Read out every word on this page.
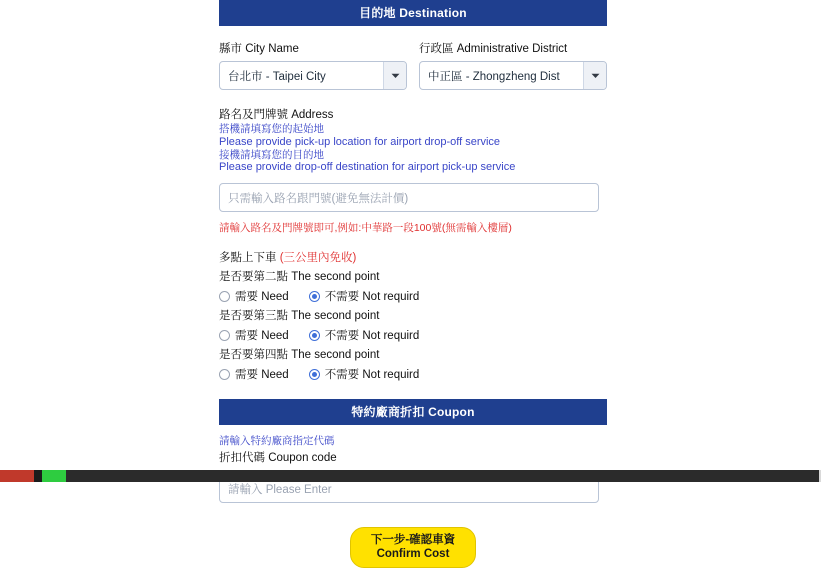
目的地 Destination
縣市 City Name
台北市 - Taipei City
行政區 Administrative District
中正區 - Zhongzheng Dist
路名及門牌號 Address
搭機請填寫您的起始地
Please provide pick-up location for airport drop-off service
接機請填寫您的目的地
Please provide drop-off destination for airport pick-up service
只需輸入路名跟門號(避免無法計價)
請輸入路名及門牌號即可,例如:中華路一段100號(無需輸入樓層)
多點上下車 (三公里內免收)
是否要第二點 The second point
需要 Need	不需要 Not requird
是否要第三點 The second point
需要 Need	不需要 Not requird
是否要第四點 The second point
需要 Need	不需要 Not requird
特約廠商折扣 Coupon
請輸入特約廠商指定代碼
折扣代碼 Coupon code
請輸入 Please Enter
下一步-確認車資
Confirm Cost
